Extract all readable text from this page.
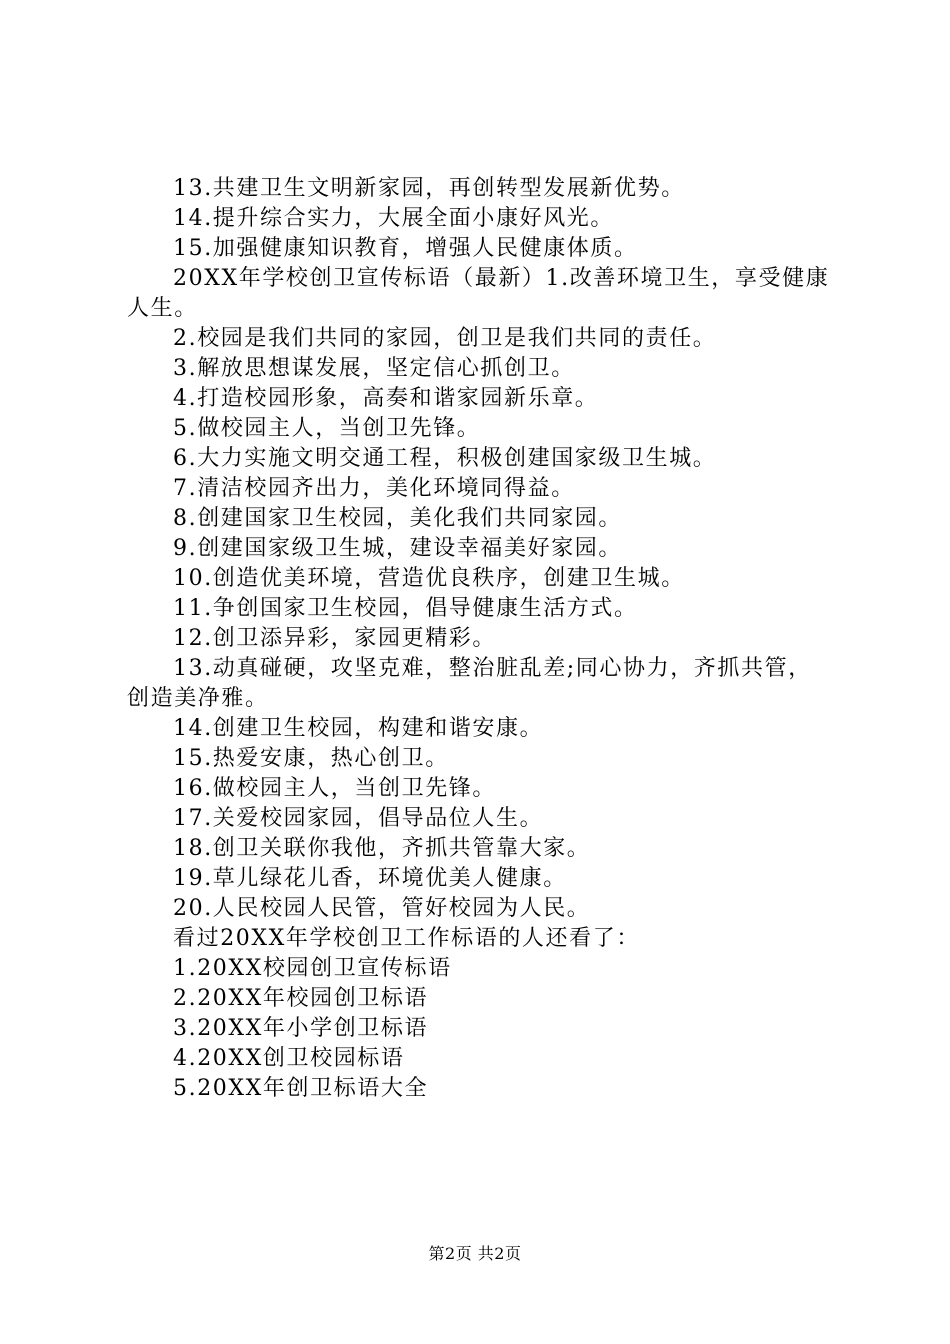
13.共建卫生文明新家园，再创转型发展新优势。

14.提升综合实力，大展全面小康好风光。

15.加强健康知识教育，增强人民健康体质。

20XX年学校创卫宣传标语（最新）1.改善环境卫生，享受健康人生。

2.校园是我们共同的家园，创卫是我们共同的责任。

3.解放思想谋发展，坚定信心抓创卫。

4.打造校园形象，高奏和谐家园新乐章。

5.做校园主人，当创卫先锋。

6.大力实施文明交通工程，积极创建国家级卫生城。

7.清洁校园齐出力，美化环境同得益。

8.创建国家卫生校园，美化我们共同家园。

9.创建国家级卫生城，建设幸福美好家园。

10.创造优美环境，营造优良秩序，创建卫生城。

11.争创国家卫生校园，倡导健康生活方式。

12.创卫添异彩，家园更精彩。

13.动真碰硬，攻坚克难，整治脏乱差;同心协力，齐抓共管，创造美净雅。

14.创建卫生校园，构建和谐安康。

15.热爱安康，热心创卫。

16.做校园主人，当创卫先锋。

17.关爱校园家园，倡导品位人生。

18.创卫关联你我他，齐抓共管靠大家。

19.草儿绿花儿香，环境优美人健康。

20.人民校园人民管，管好校园为人民。

看过20XX年学校创卫工作标语的人还看了：

1.20XX校园创卫宣传标语

2.20XX年校园创卫标语

3.20XX年小学创卫标语

4.20XX创卫校园标语

5.20XX年创卫标语大全

第2页 共2页
